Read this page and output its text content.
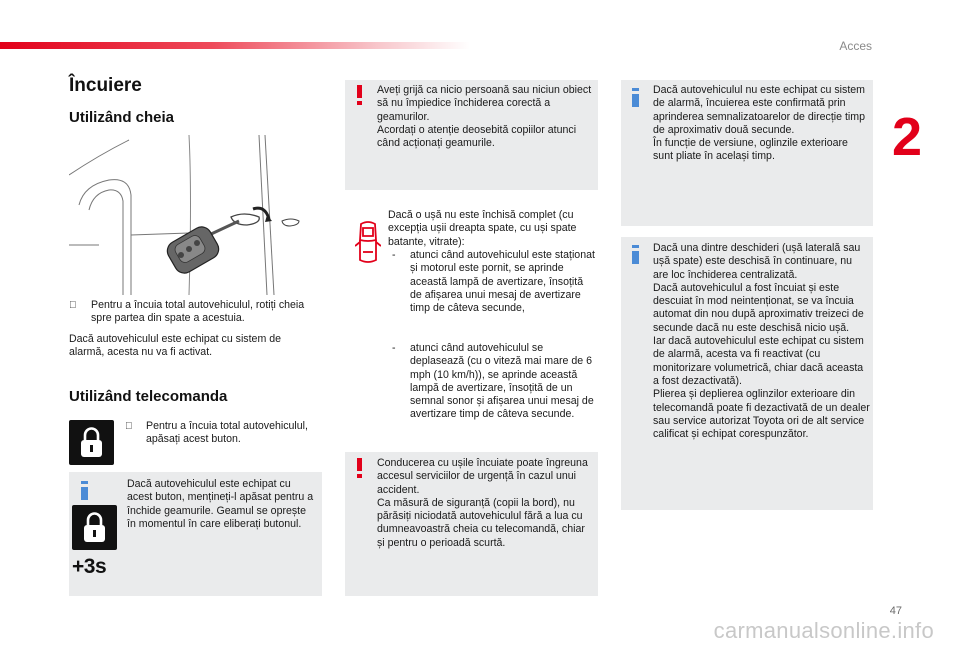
Acces
2
Încuiere
Utilizând cheia
Pentru a încuia total autovehiculul, rotiți cheia spre partea din spate a acestuia.
Dacă autovehiculul este echipat cu sistem de alarmă, acesta nu va fi activat.
Utilizând telecomanda
Pentru a încuia total autovehiculul, apăsați acest buton.
+3s
Dacă autovehiculul este echipat cu acest buton, mențineți-l apăsat pentru a închide geamurile. Geamul se oprește în momentul în care eliberați butonul.
Aveți grijă ca nicio persoană sau niciun obiect să nu împiedice închiderea corectă a geamurilor.
Acordați o atenție deosebită copiilor atunci când acționați geamurile.
Dacă o ușă nu este închisă complet (cu excepția ușii dreapta spate, cu uși spate batante, vitrate):
- atunci când autovehiculul este staționat și motorul este pornit, se aprinde această lampă de avertizare, însoțită de afișarea unui mesaj de avertizare timp de câteva secunde,
- atunci când autovehiculul se deplasează (cu o viteză mai mare de 6 mph (10 km/h)), se aprinde această lampă de avertizare, însoțită de un semnal sonor și afișarea unui mesaj de avertizare timp de câteva secunde.
Conducerea cu ușile încuiate poate îngreuna accesul serviciilor de urgență în cazul unui accident.
Ca măsură de siguranță (copii la bord), nu părăsiți niciodată autovehiculul fără a lua cu dumneavoastră cheia cu telecomandă, chiar și pentru o perioadă scurtă.
Dacă autovehiculul nu este echipat cu sistem de alarmă, încuierea este confirmată prin aprinderea semnalizatoarelor de direcție timp de aproximativ două secunde.
În funcție de versiune, oglinzile exterioare sunt pliate în același timp.
Dacă una dintre deschideri (ușă laterală sau ușă spate) este deschisă în continuare, nu are loc închiderea centralizată.
Dacă autovehiculul a fost încuiat și este descuiat în mod neintenționat, se va încuia automat din nou după aproximativ treizeci de secunde dacă nu este deschisă nicio ușă.
Iar dacă autovehiculul este echipat cu sistem de alarmă, acesta va fi reactivat (cu monitorizare volumetrică, chiar dacă aceasta a fost dezactivată).
Plierea și deplierea oglinzilor exterioare din telecomandă poate fi dezactivată de un dealer sau service autorizat Toyota ori de alt service calificat și echipat corespunzător.
47
carmanualsonline.info
